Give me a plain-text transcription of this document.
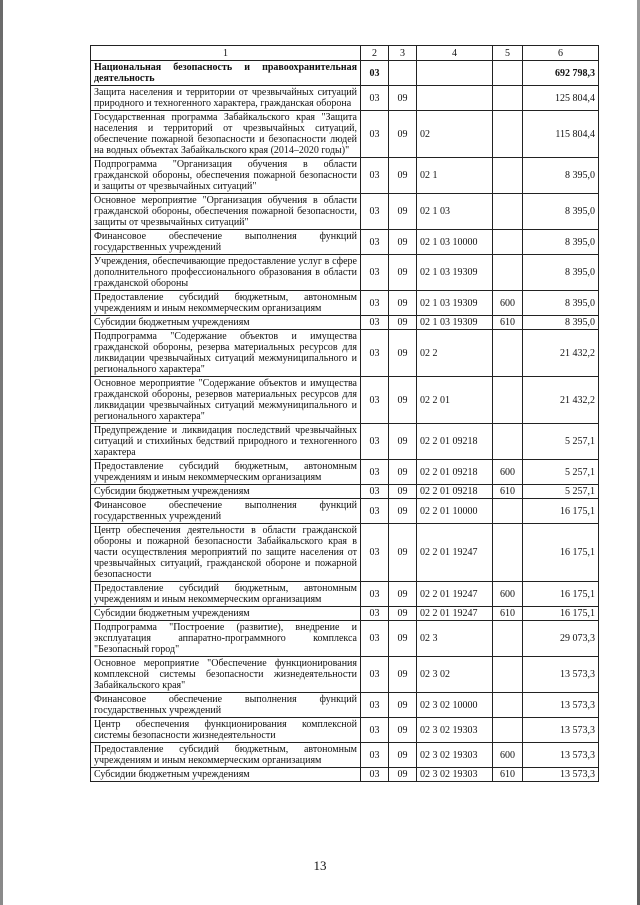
1	2	3	4	5	6
Национальная безопасность и правоохранительная деятельность	03				692 798,3
Защита населения и территории от чрезвычайных ситуаций природного и техногенного характера, гражданская оборона	03	09			125 804,4
Государственная программа Забайкальского края "Защита населения и территорий от чрезвычайных ситуаций, обеспечение пожарной безопасности и безопасности людей на водных объектах Забайкальского края (2014–2020 годы)"	03	09	02		115 804,4
Подпрограмма "Организация обучения в области гражданской обороны, обеспечения пожарной безопасности и защиты от чрезвычайных ситуаций"	03	09	02 1		8 395,0
Основное мероприятие "Организация обучения в области гражданской обороны, обеспечения пожарной безопасности, защиты от чрезвычайных ситуаций"	03	09	02 1 03		8 395,0
Финансовое обеспечение выполнения функций государственных учреждений	03	09	02 1 03 10000		8 395,0
Учреждения, обеспечивающие предоставление услуг в сфере дополнительного профессионального образования в области гражданской обороны	03	09	02 1 03 19309		8 395,0
Предоставление субсидий бюджетным, автономным учреждениям и иным некоммерческим организациям	03	09	02 1 03 19309	600	8 395,0
Субсидии бюджетным учреждениям	03	09	02 1 03 19309	610	8 395,0
Подпрограмма "Содержание объектов и имущества гражданской обороны, резерва материальных ресурсов для ликвидации чрезвычайных ситуаций межмуниципального и регионального характера"	03	09	02 2		21 432,2
Основное мероприятие "Содержание объектов и имущества гражданской обороны, резервов материальных ресурсов для ликвидации чрезвычайных ситуаций межмуниципального и регионального характера"	03	09	02 2 01		21 432,2
Предупреждение и ликвидация последствий чрезвычайных ситуаций и стихийных бедствий природного и техногенного характера	03	09	02 2 01 09218		5 257,1
Предоставление субсидий бюджетным, автономным учреждениям и иным некоммерческим организациям	03	09	02 2 01 09218	600	5 257,1
Субсидии бюджетным учреждениям	03	09	02 2 01 09218	610	5 257,1
Финансовое обеспечение выполнения функций государственных учреждений	03	09	02 2 01 10000		16 175,1
Центр обеспечения деятельности в области гражданской обороны и пожарной безопасности Забайкальского края в части осуществления мероприятий по защите населения от чрезвычайных ситуаций, гражданской обороне и пожарной безопасности	03	09	02 2 01 19247		16 175,1
Предоставление субсидий бюджетным, автономным учреждениям и иным некоммерческим организациям	03	09	02 2 01 19247	600	16 175,1
Субсидии бюджетным учреждениям	03	09	02 2 01 19247	610	16 175,1
Подпрограмма "Построение (развитие), внедрение и эксплуатация аппаратно-программного комплекса "Безопасный город"	03	09	02 3		29 073,3
Основное мероприятие "Обеспечение функционирования комплексной системы безопасности жизнедеятельности Забайкальского края"	03	09	02 3 02		13 573,3
Финансовое обеспечение выполнения функций государственных учреждений	03	09	02 3 02 10000		13 573,3
Центр обеспечения функционирования комплексной системы безопасности жизнедеятельности	03	09	02 3 02 19303		13 573,3
Предоставление субсидий бюджетным, автономным учреждениям и иным некоммерческим организациям	03	09	02 3 02 19303	600	13 573,3
Субсидии бюджетным учреждениям	03	09	02 3 02 19303	610	13 573,3
13
